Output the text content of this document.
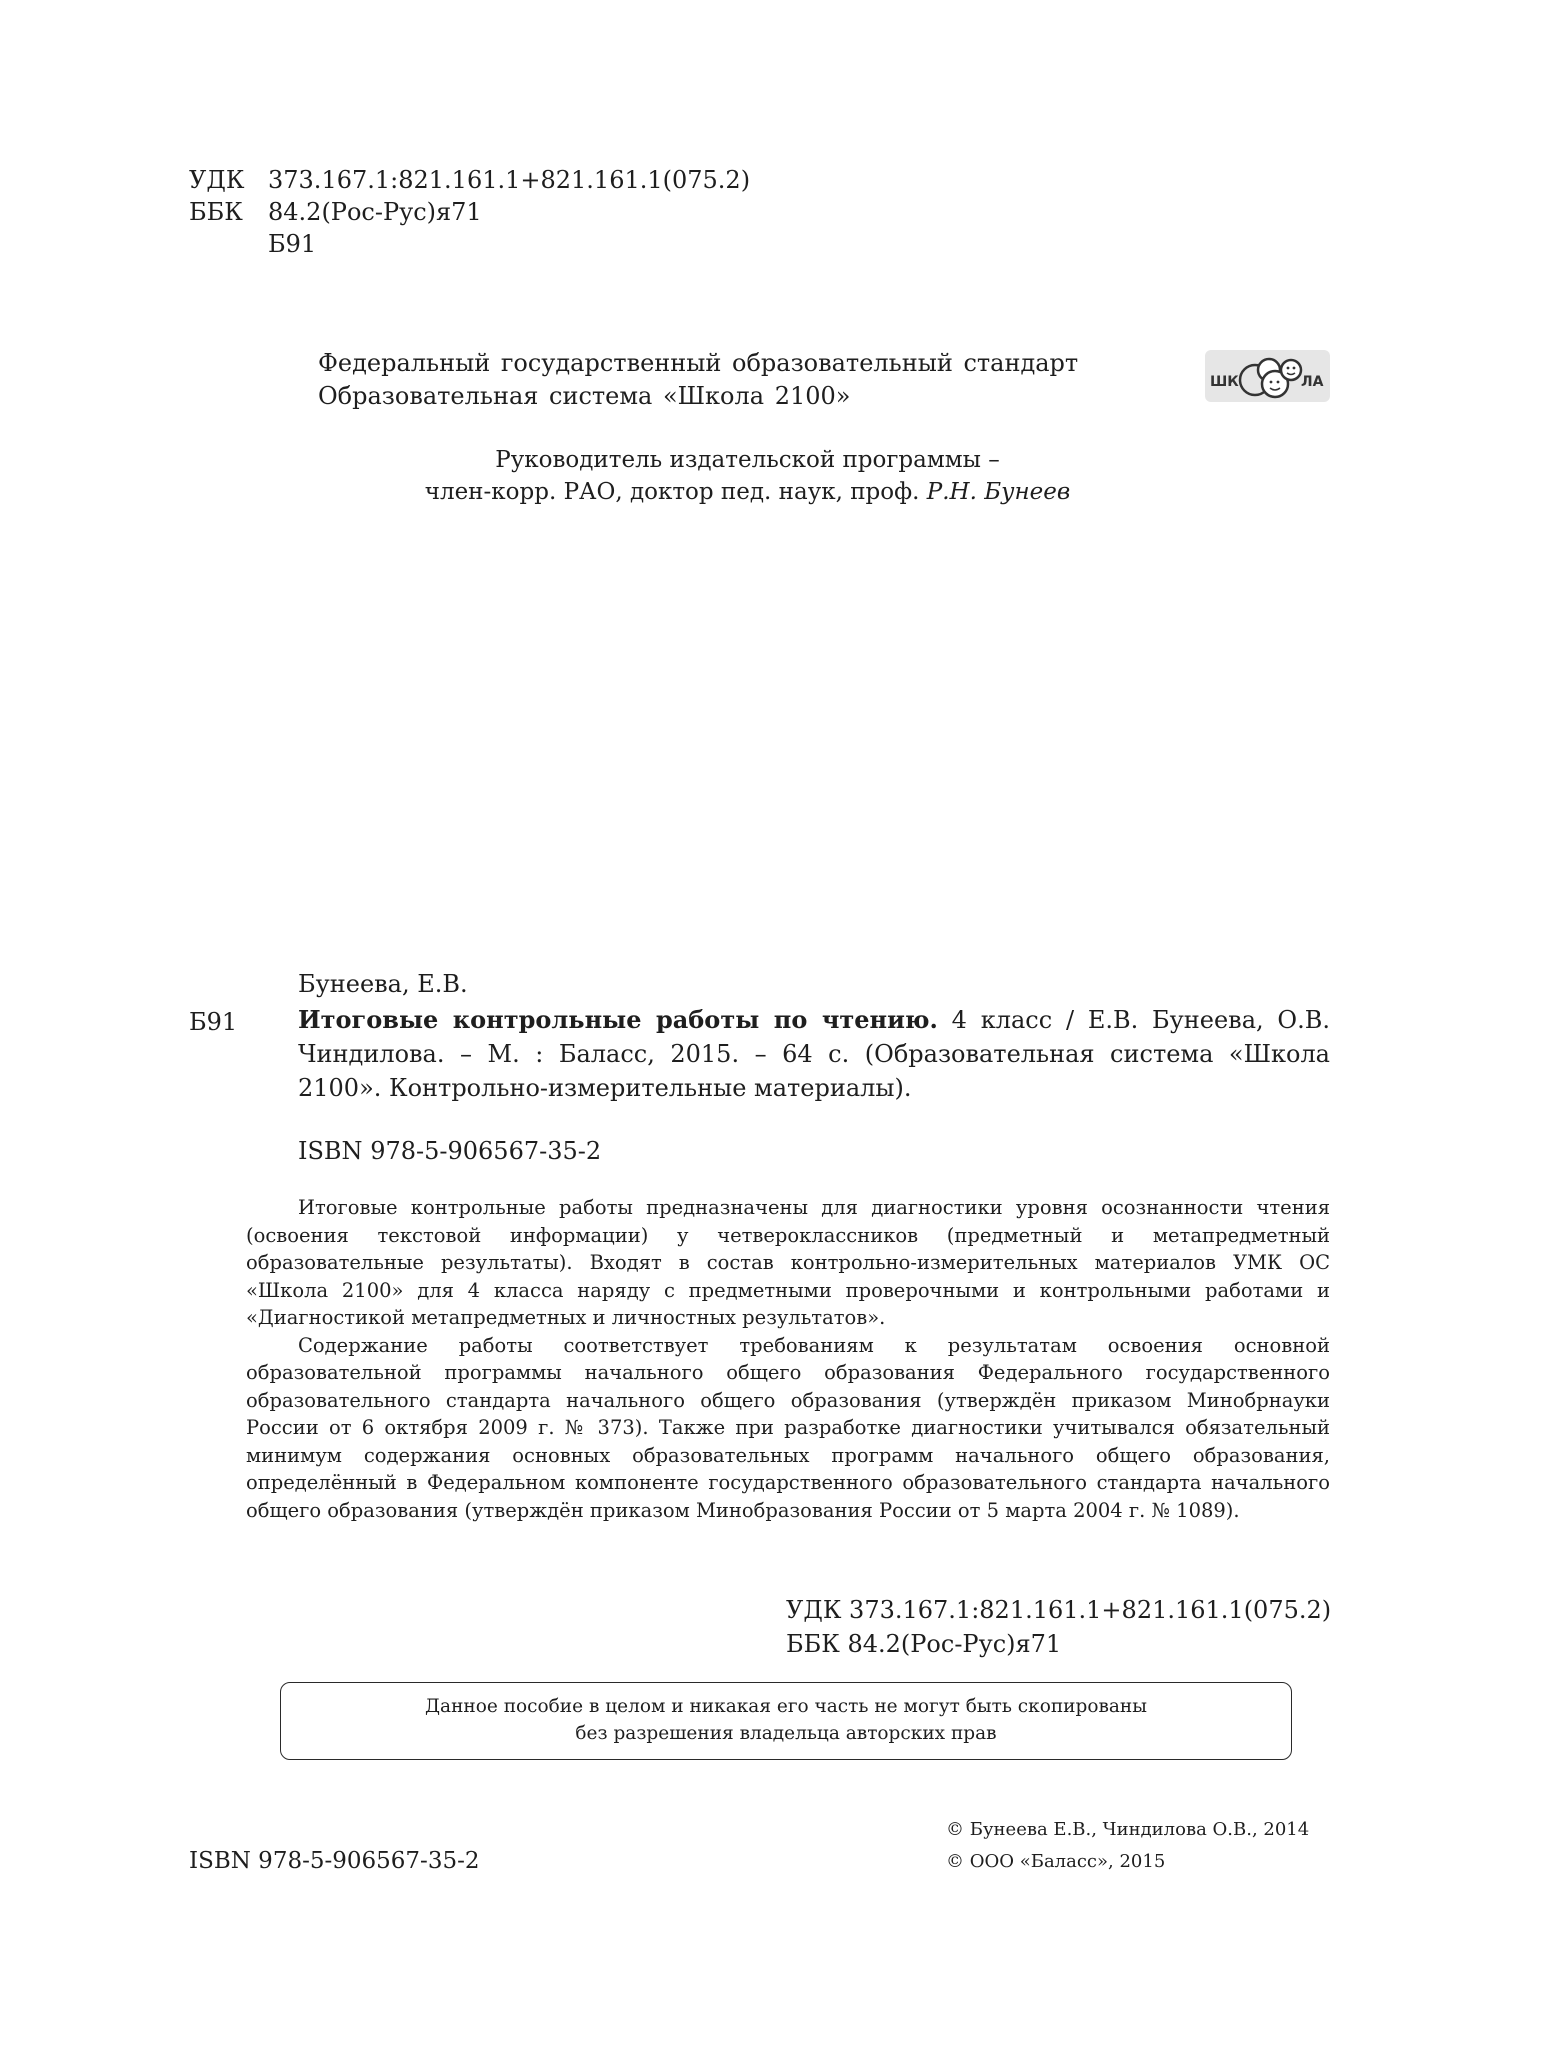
УДК 373.167.1:821.161.1+821.161.1(075.2)
ББК 84.2(Рос-Рус)я71
Б91
Федеральный государственный образовательный стандарт
Образовательная система «Школа 2100»	ШК	ЛА
Руководитель издательской программы –
член-корр. РАО, доктор пед. наук, проф. Р.Н. Бунеев
Бунеева, Е.В.
Б91	Итоговые контрольные работы по чтению. 4 класс / Е.В. Бунеева, О.В. Чиндилова. – М. : Баласс, 2015. – 64 с. (Образовательная система «Школа 2100». Контрольно-измерительные материалы).
ISBN 978-5-906567-35-2

Итоговые контрольные работы предназначены для диагностики уровня осознанности чтения (освоения текстовой информации) у четвероклассников (предметный и метапредметный образовательные результаты). Входят в состав контрольно-измерительных материалов УМК ОС «Школа 2100» для 4 класса наряду с предметными проверочными и контрольными работами и «Диагностикой метапредметных и личностных результатов».

Содержание работы соответствует требованиям к результатам освоения основной образовательной программы начального общего образования Федерального государственного образовательного стандарта начального общего образования (утверждён приказом Минобрнауки России от 6 октября 2009 г. № 373). Также при разработке диагностики учитывался обязательный минимум содержания основных образовательных программ начального общего образования, определённый в Федеральном компоненте государственного образовательного стандарта начального общего образования (утверждён приказом Минобразования России от 5 марта 2004 г. № 1089).

УДК 373.167.1:821.161.1+821.161.1(075.2)
ББК 84.2(Рос-Рус)я71
Данное пособие в целом и никакая его часть не могут быть скопированы
без разрешения владельца авторских прав
ISBN 978-5-906567-35-2
© Бунеева Е.В., Чиндилова О.В., 2014
© ООО «Баласс», 2015
